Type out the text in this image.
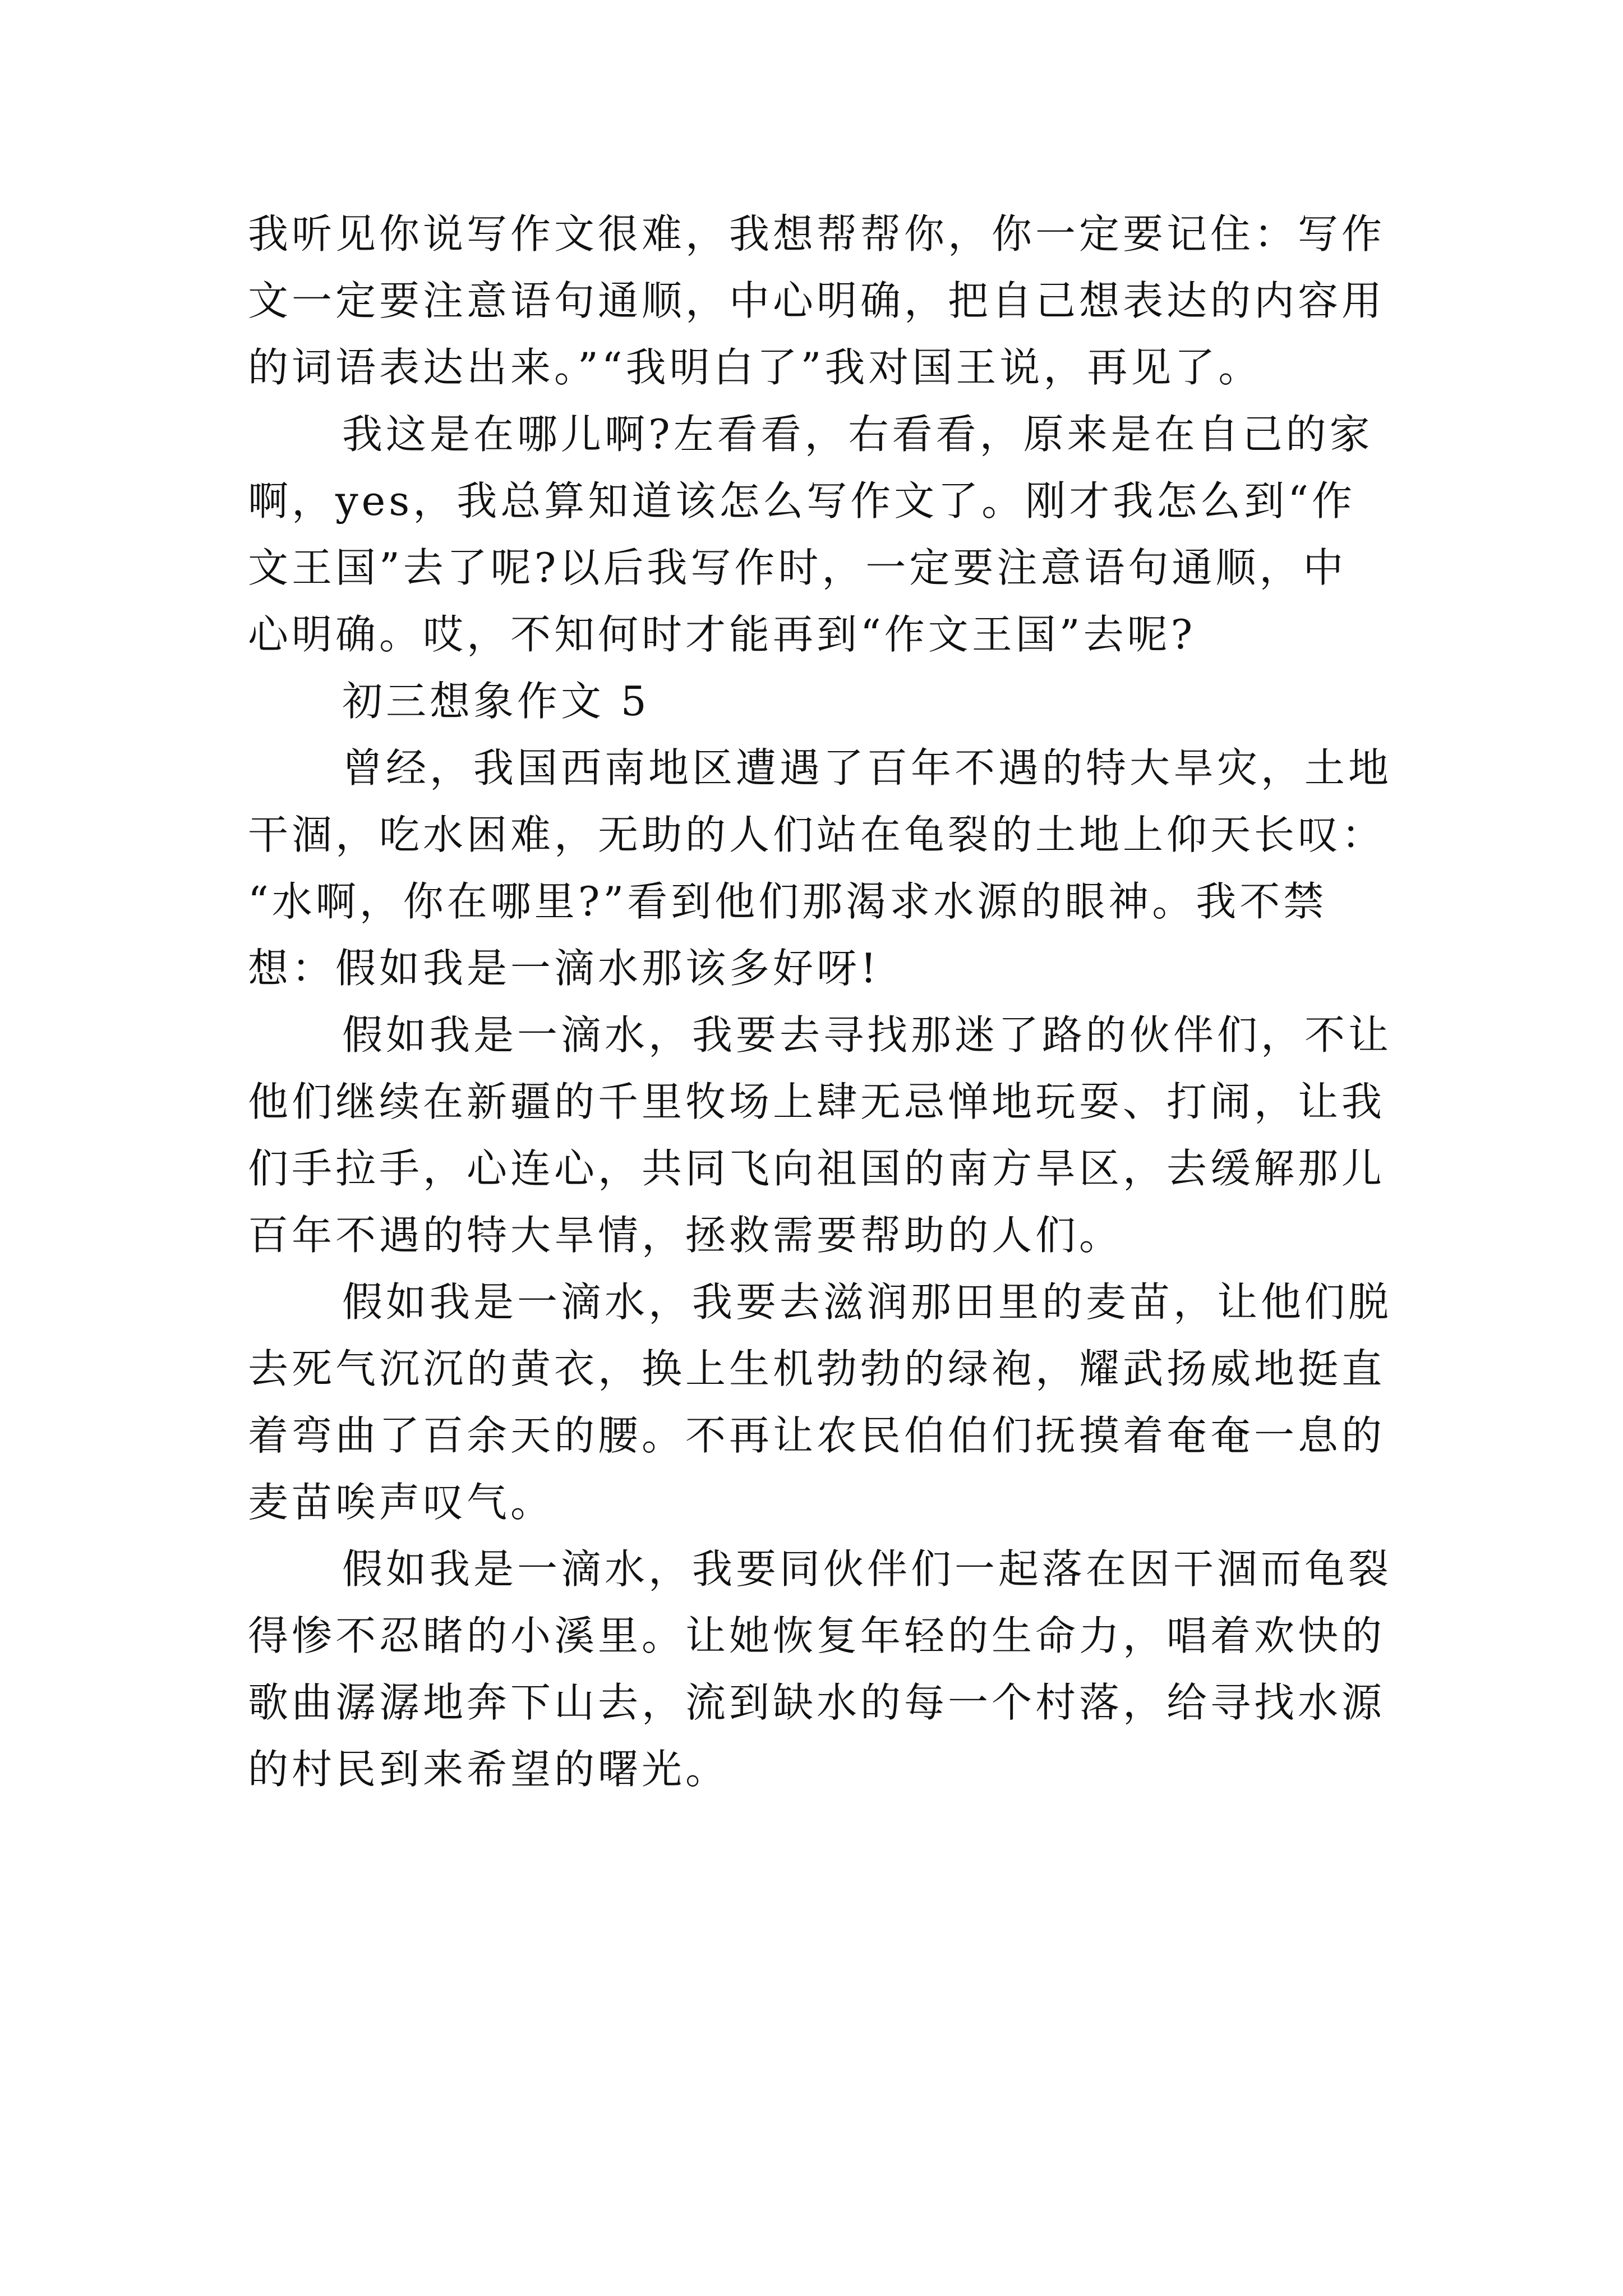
我听见你说写作文很难，我想帮帮你，你一定要记住：写作
文一定要注意语句通顺，中心明确，把自己想表达的内容用
的词语表达出来。”“我明白了”我对国王说，再见了。
我这是在哪儿啊?左看看，右看看，原来是在自己的家
啊，yes，我总算知道该怎么写作文了。刚才我怎么到“作
文王国”去了呢?以后我写作时，一定要注意语句通顺，中
心明确。哎，不知何时才能再到“作文王国”去呢?
初三想象作文 5
曾经，我国西南地区遭遇了百年不遇的特大旱灾，土地
干涸，吃水困难，无助的人们站在龟裂的土地上仰天长叹：
“水啊，你在哪里?”看到他们那渴求水源的眼神。我不禁
想：假如我是一滴水那该多好呀!
假如我是一滴水，我要去寻找那迷了路的伙伴们，不让
他们继续在新疆的千里牧场上肆无忌惮地玩耍、打闹，让我
们手拉手，心连心，共同飞向祖国的南方旱区，去缓解那儿
百年不遇的特大旱情，拯救需要帮助的人们。
假如我是一滴水，我要去滋润那田里的麦苗，让他们脱
去死气沉沉的黄衣，换上生机勃勃的绿袍，耀武扬威地挺直
着弯曲了百余天的腰。不再让农民伯伯们抚摸着奄奄一息的
麦苗唉声叹气。
假如我是一滴水，我要同伙伴们一起落在因干涸而龟裂
得惨不忍睹的小溪里。让她恢复年轻的生命力，唱着欢快的
歌曲潺潺地奔下山去，流到缺水的每一个村落，给寻找水源
的村民到来希望的曙光。
